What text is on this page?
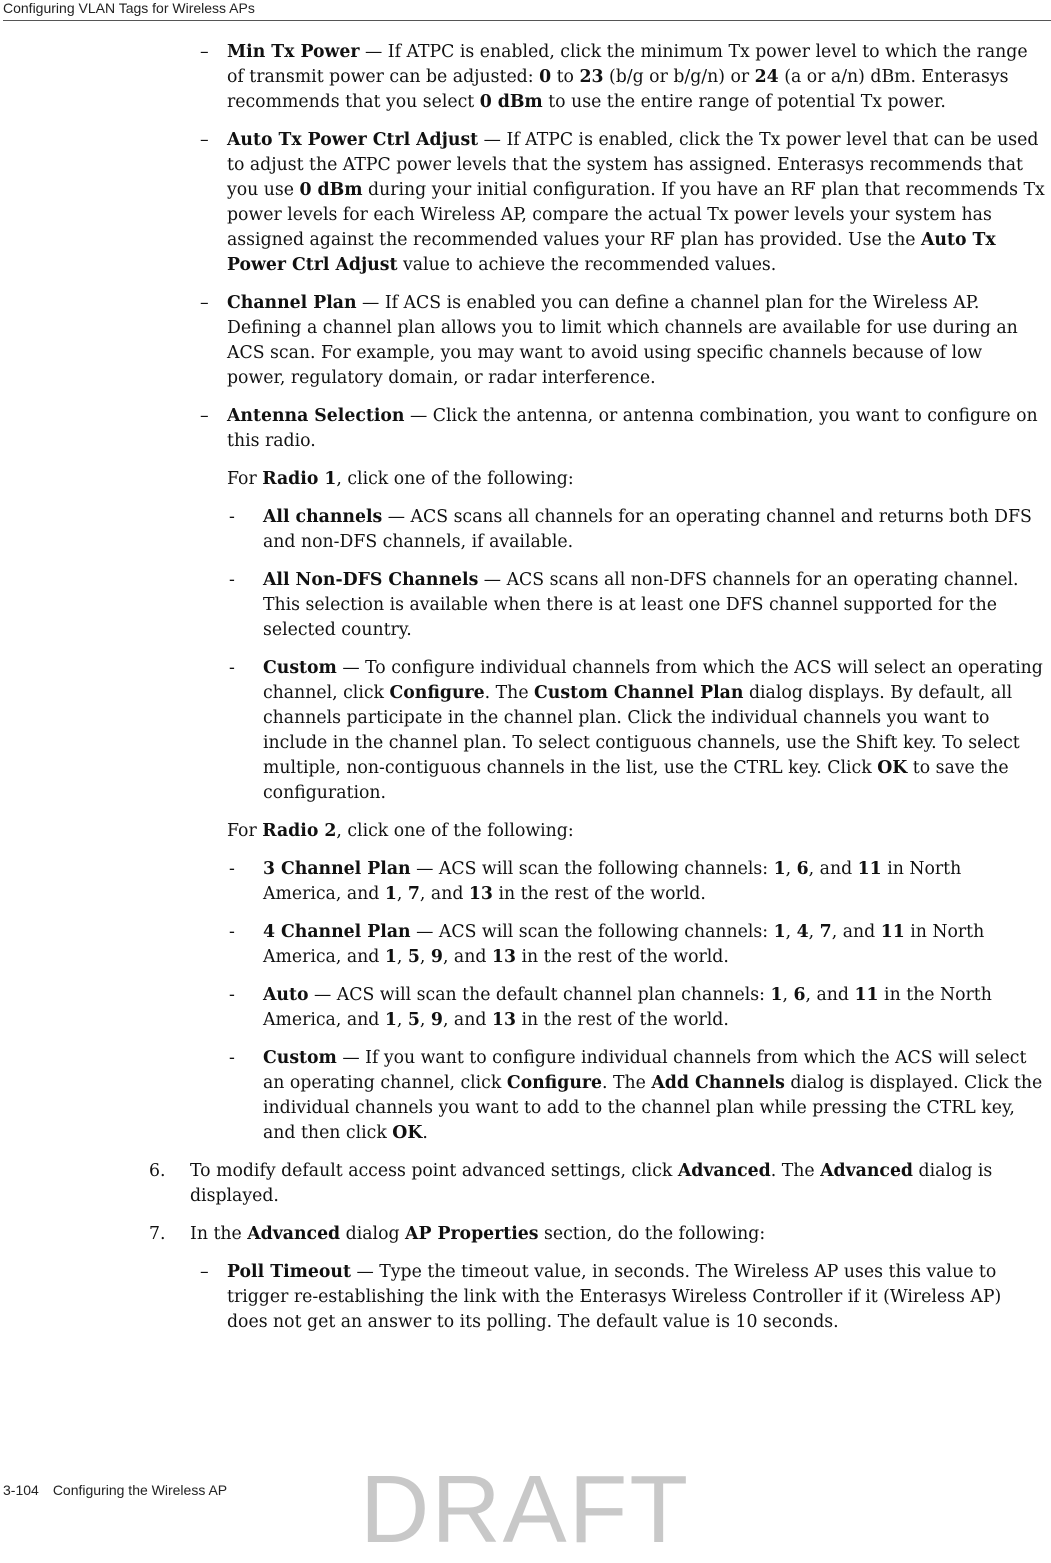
Configuring VLAN Tags for Wireless APs

– Min Tx Power — If ATPC is enabled, click the minimum Tx power level to which the range of transmit power can be adjusted: 0 to 23 (b/g or b/g/n) or 24 (a or a/n) dBm. Enterasys recommends that you select 0 dBm to use the entire range of potential Tx power.

– Auto Tx Power Ctrl Adjust — If ATPC is enabled, click the Tx power level that can be used to adjust the ATPC power levels that the system has assigned. Enterasys recommends that you use 0 dBm during your initial configuration. If you have an RF plan that recommends Tx power levels for each Wireless AP, compare the actual Tx power levels your system has assigned against the recommended values your RF plan has provided. Use the Auto Tx Power Ctrl Adjust value to achieve the recommended values.

– Channel Plan — If ACS is enabled you can define a channel plan for the Wireless AP. Defining a channel plan allows you to limit which channels are available for use during an ACS scan. For example, you may want to avoid using specific channels because of low power, regulatory domain, or radar interference.

– Antenna Selection — Click the antenna, or antenna combination, you want to configure on this radio.

For Radio 1, click one of the following:

- All channels — ACS scans all channels for an operating channel and returns both DFS and non-DFS channels, if available.

- All Non-DFS Channels — ACS scans all non-DFS channels for an operating channel. This selection is available when there is at least one DFS channel supported for the selected country.

- Custom — To configure individual channels from which the ACS will select an operating channel, click Configure. The Custom Channel Plan dialog displays. By default, all channels participate in the channel plan. Click the individual channels you want to include in the channel plan. To select contiguous channels, use the Shift key. To select multiple, non-contiguous channels in the list, use the CTRL key. Click OK to save the configuration.

For Radio 2, click one of the following:

- 3 Channel Plan — ACS will scan the following channels: 1, 6, and 11 in North America, and 1, 7, and 13 in the rest of the world.

- 4 Channel Plan — ACS will scan the following channels: 1, 4, 7, and 11 in North America, and 1, 5, 9, and 13 in the rest of the world.

- Auto — ACS will scan the default channel plan channels: 1, 6, and 11 in the North America, and 1, 5, 9, and 13 in the rest of the world.

- Custom — If you want to configure individual channels from which the ACS will select an operating channel, click Configure. The Add Channels dialog is displayed. Click the individual channels you want to add to the channel plan while pressing the CTRL key, and then click OK.

6. To modify default access point advanced settings, click Advanced. The Advanced dialog is displayed.

7. In the Advanced dialog AP Properties section, do the following:

– Poll Timeout — Type the timeout value, in seconds. The Wireless AP uses this value to trigger re-establishing the link with the Enterasys Wireless Controller if it (Wireless AP) does not get an answer to its polling. The default value is 10 seconds.

3-104 Configuring the Wireless AP DRAFT
